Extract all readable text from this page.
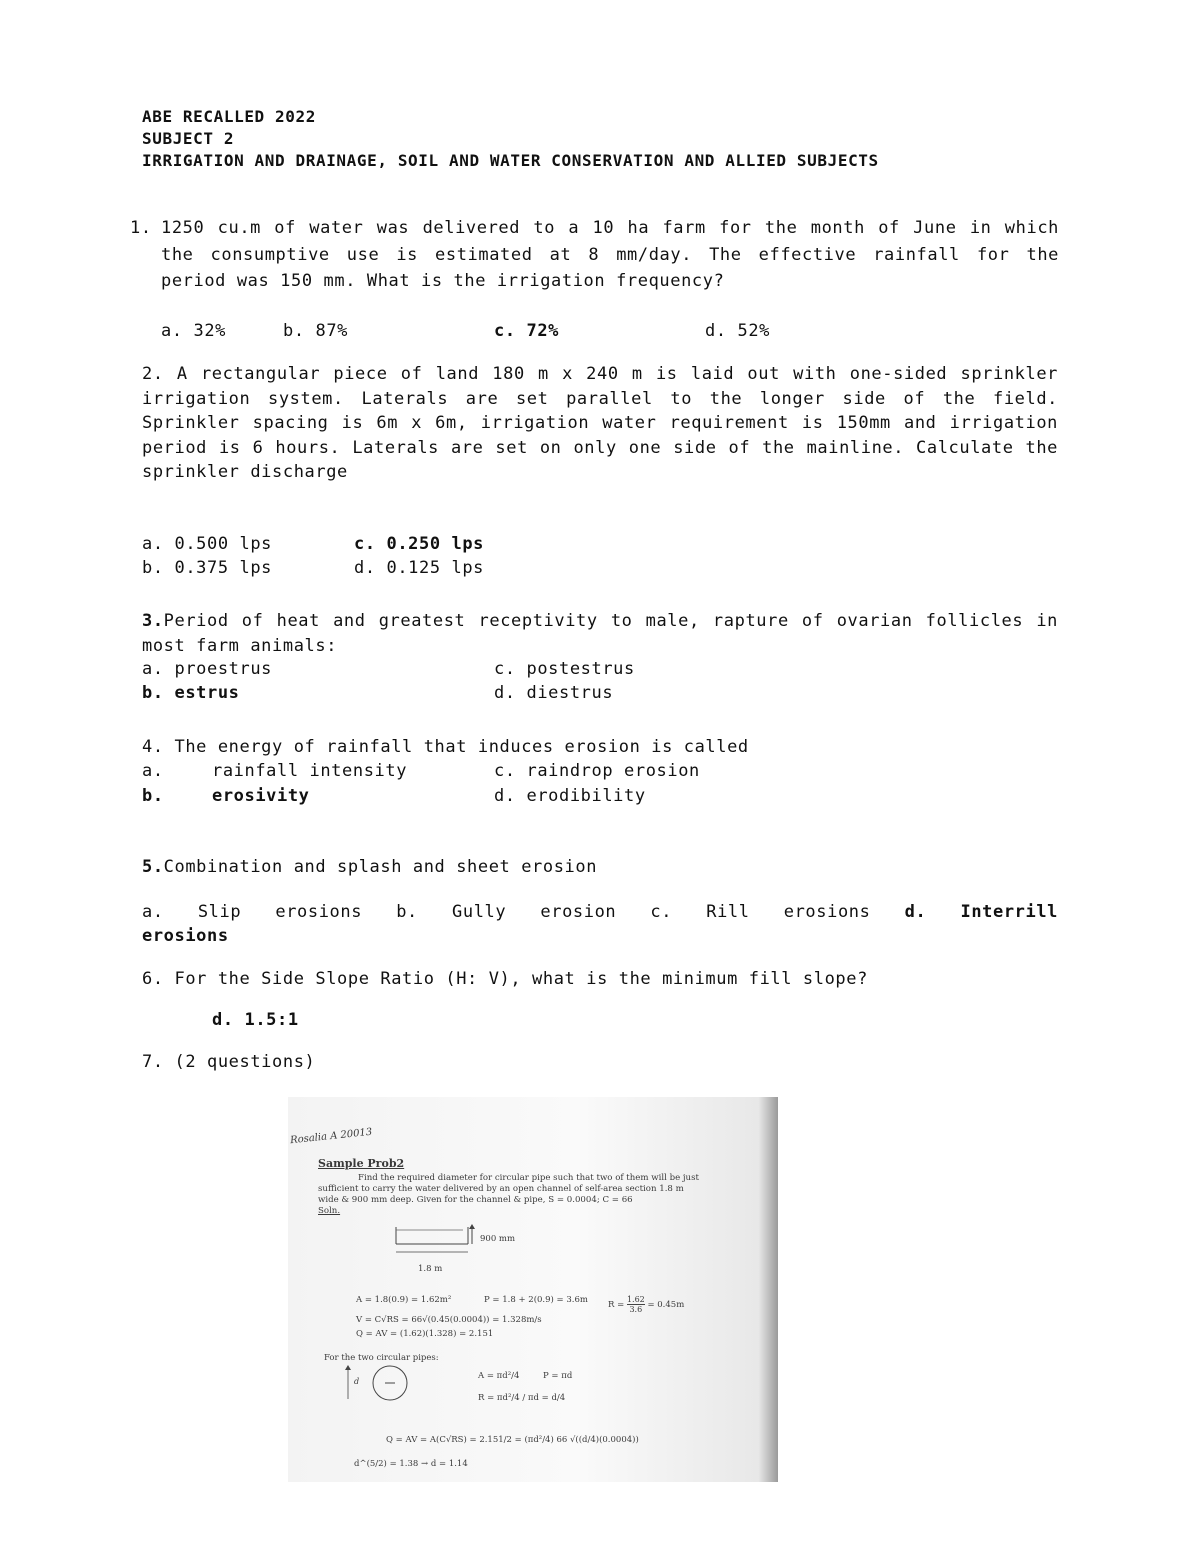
ABE RECALLED 2022
SUBJECT 2
IRRIGATION AND DRAINAGE, SOIL AND WATER CONSERVATION AND ALLIED SUBJECTS
1. 1250 cu.m of water was delivered to a 10 ha farm for the month of June in which the consumptive use is estimated at 8 mm/day. The effective rainfall for the period was 150 mm. What is the irrigation frequency?
a. 32%	b. 87%	c. 72%	d. 52%
2. A rectangular piece of land 180 m x 240 m is laid out with one-sided sprinkler irrigation system. Laterals are set parallel to the longer side of the field. Sprinkler spacing is 6m x 6m, irrigation water requirement is 150mm and irrigation period is 6 hours. Laterals are set on only one side of the mainline. Calculate the sprinkler discharge
a. 0.500 lps	c. 0.250 lps
b. 0.375 lps	d. 0.125 lps
3.Period of heat and greatest receptivity to male, rapture of ovarian follicles in most farm animals:
a. proestrus	c. postestrus
b. estrus	d. diestrus
4. The energy of rainfall that induces erosion is called
a.	rainfall intensity	c. raindrop erosion
b.	erosivity	d. erodibility
5.Combination and splash and sheet erosion
a. Slip erosions b. Gully erosion c. Rill erosions d. Interrill
erosions
6. For the Side Slope Ratio (H: V), what is the minimum fill slope?
d. 1.5:1
7. (2 questions)
Rosalia A 20013
Sample Prob2
Find the required diameter for circular pipe such that two of them will be just
sufficient to carry the water delivered by an open channel of self-area section 1.8 m
wide & 900 mm deep. Given for the channel & pipe, S = 0.0004; C = 66
Soln.
900 mm
1.8 m
A = 1.8(0.9) = 1.62m²	P = 1.8 + 2(0.9) = 3.6m $R = \frac{1.62}{3.6} = 0.45m$
V = C√RS = 66√(0.45(0.0004)) = 1.328m/s
Q = AV = (1.62)(1.328) = 2.151
For the two circular pipes:
d
A = πd²/4	P = πd
R = πd²/4 / πd = d/4
Q = AV = A(C√RS) = 2.151/2 = (πd²/4) 66 √((d/4)(0.0004))
d^(5/2) = 1.38 → d = 1.14
